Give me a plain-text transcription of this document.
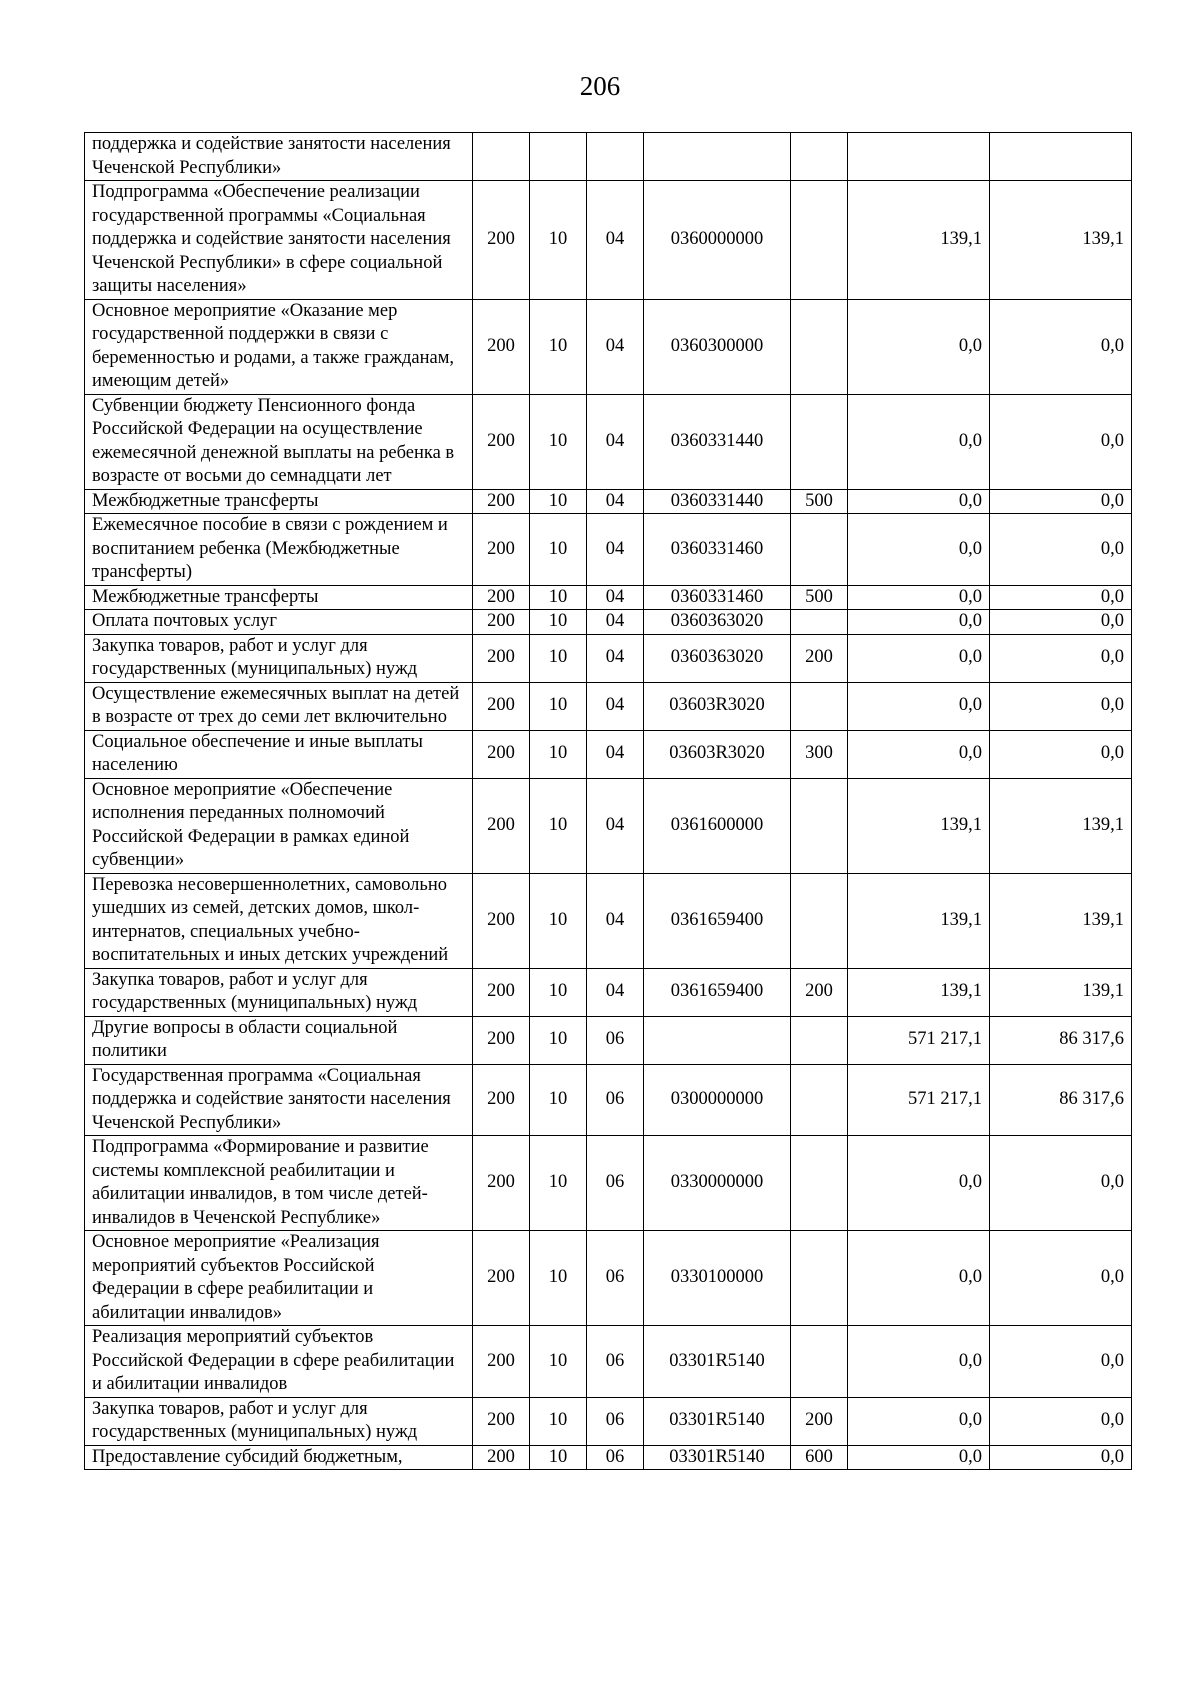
206
поддержка и содействие занятости населения Чеченской Республики»							
Подпрограмма «Обеспечение реализации государственной программы «Социальная поддержка и содействие занятости населения Чеченской Республики» в сфере социальной защиты населения»	200	10	04	0360000000		139,1	139,1
Основное мероприятие «Оказание мер государственной поддержки в связи с беременностью и родами, а также гражданам, имеющим детей»	200	10	04	0360300000		0,0	0,0
Субвенции бюджету Пенсионного фонда Российской Федерации на осуществление ежемесячной денежной выплаты на ребенка в возрасте от восьми до семнадцати лет	200	10	04	0360331440		0,0	0,0
Межбюджетные трансферты	200	10	04	0360331440	500	0,0	0,0
Ежемесячное пособие в связи с рождением и воспитанием ребенка (Межбюджетные трансферты)	200	10	04	0360331460		0,0	0,0
Межбюджетные трансферты	200	10	04	0360331460	500	0,0	0,0
Оплата почтовых услуг	200	10	04	0360363020		0,0	0,0
Закупка товаров, работ и услуг для государственных (муниципальных) нужд	200	10	04	0360363020	200	0,0	0,0
Осуществление ежемесячных выплат на детей в возрасте от трех до семи лет включительно	200	10	04	03603R3020		0,0	0,0
Социальное обеспечение и иные выплаты населению	200	10	04	03603R3020	300	0,0	0,0
Основное мероприятие «Обеспечение исполнения переданных полномочий Российской Федерации в рамках единой субвенции»	200	10	04	0361600000		139,1	139,1
Перевозка несовершеннолетних, самовольно ушедших из семей, детских домов, школ-интернатов, специальных учебно-воспитательных и иных детских учреждений	200	10	04	0361659400		139,1	139,1
Закупка товаров, работ и услуг для государственных (муниципальных) нужд	200	10	04	0361659400	200	139,1	139,1
Другие вопросы в области социальной политики	200	10	06			571 217,1	86 317,6
Государственная программа «Социальная поддержка и содействие занятости населения Чеченской Республики»	200	10	06	0300000000		571 217,1	86 317,6
Подпрограмма «Формирование и развитие системы комплексной реабилитации и абилитации инвалидов, в том числе детей-инвалидов в Чеченской Республике»	200	10	06	0330000000		0,0	0,0
Основное мероприятие «Реализация мероприятий субъектов Российской Федерации в сфере реабилитации и абилитации инвалидов»	200	10	06	0330100000		0,0	0,0
Реализация мероприятий субъектов Российской Федерации в сфере реабилитации и абилитации инвалидов	200	10	06	03301R5140		0,0	0,0
Закупка товаров, работ и услуг для государственных (муниципальных) нужд	200	10	06	03301R5140	200	0,0	0,0
Предоставление субсидий бюджетным,	200	10	06	03301R5140	600	0,0	0,0
